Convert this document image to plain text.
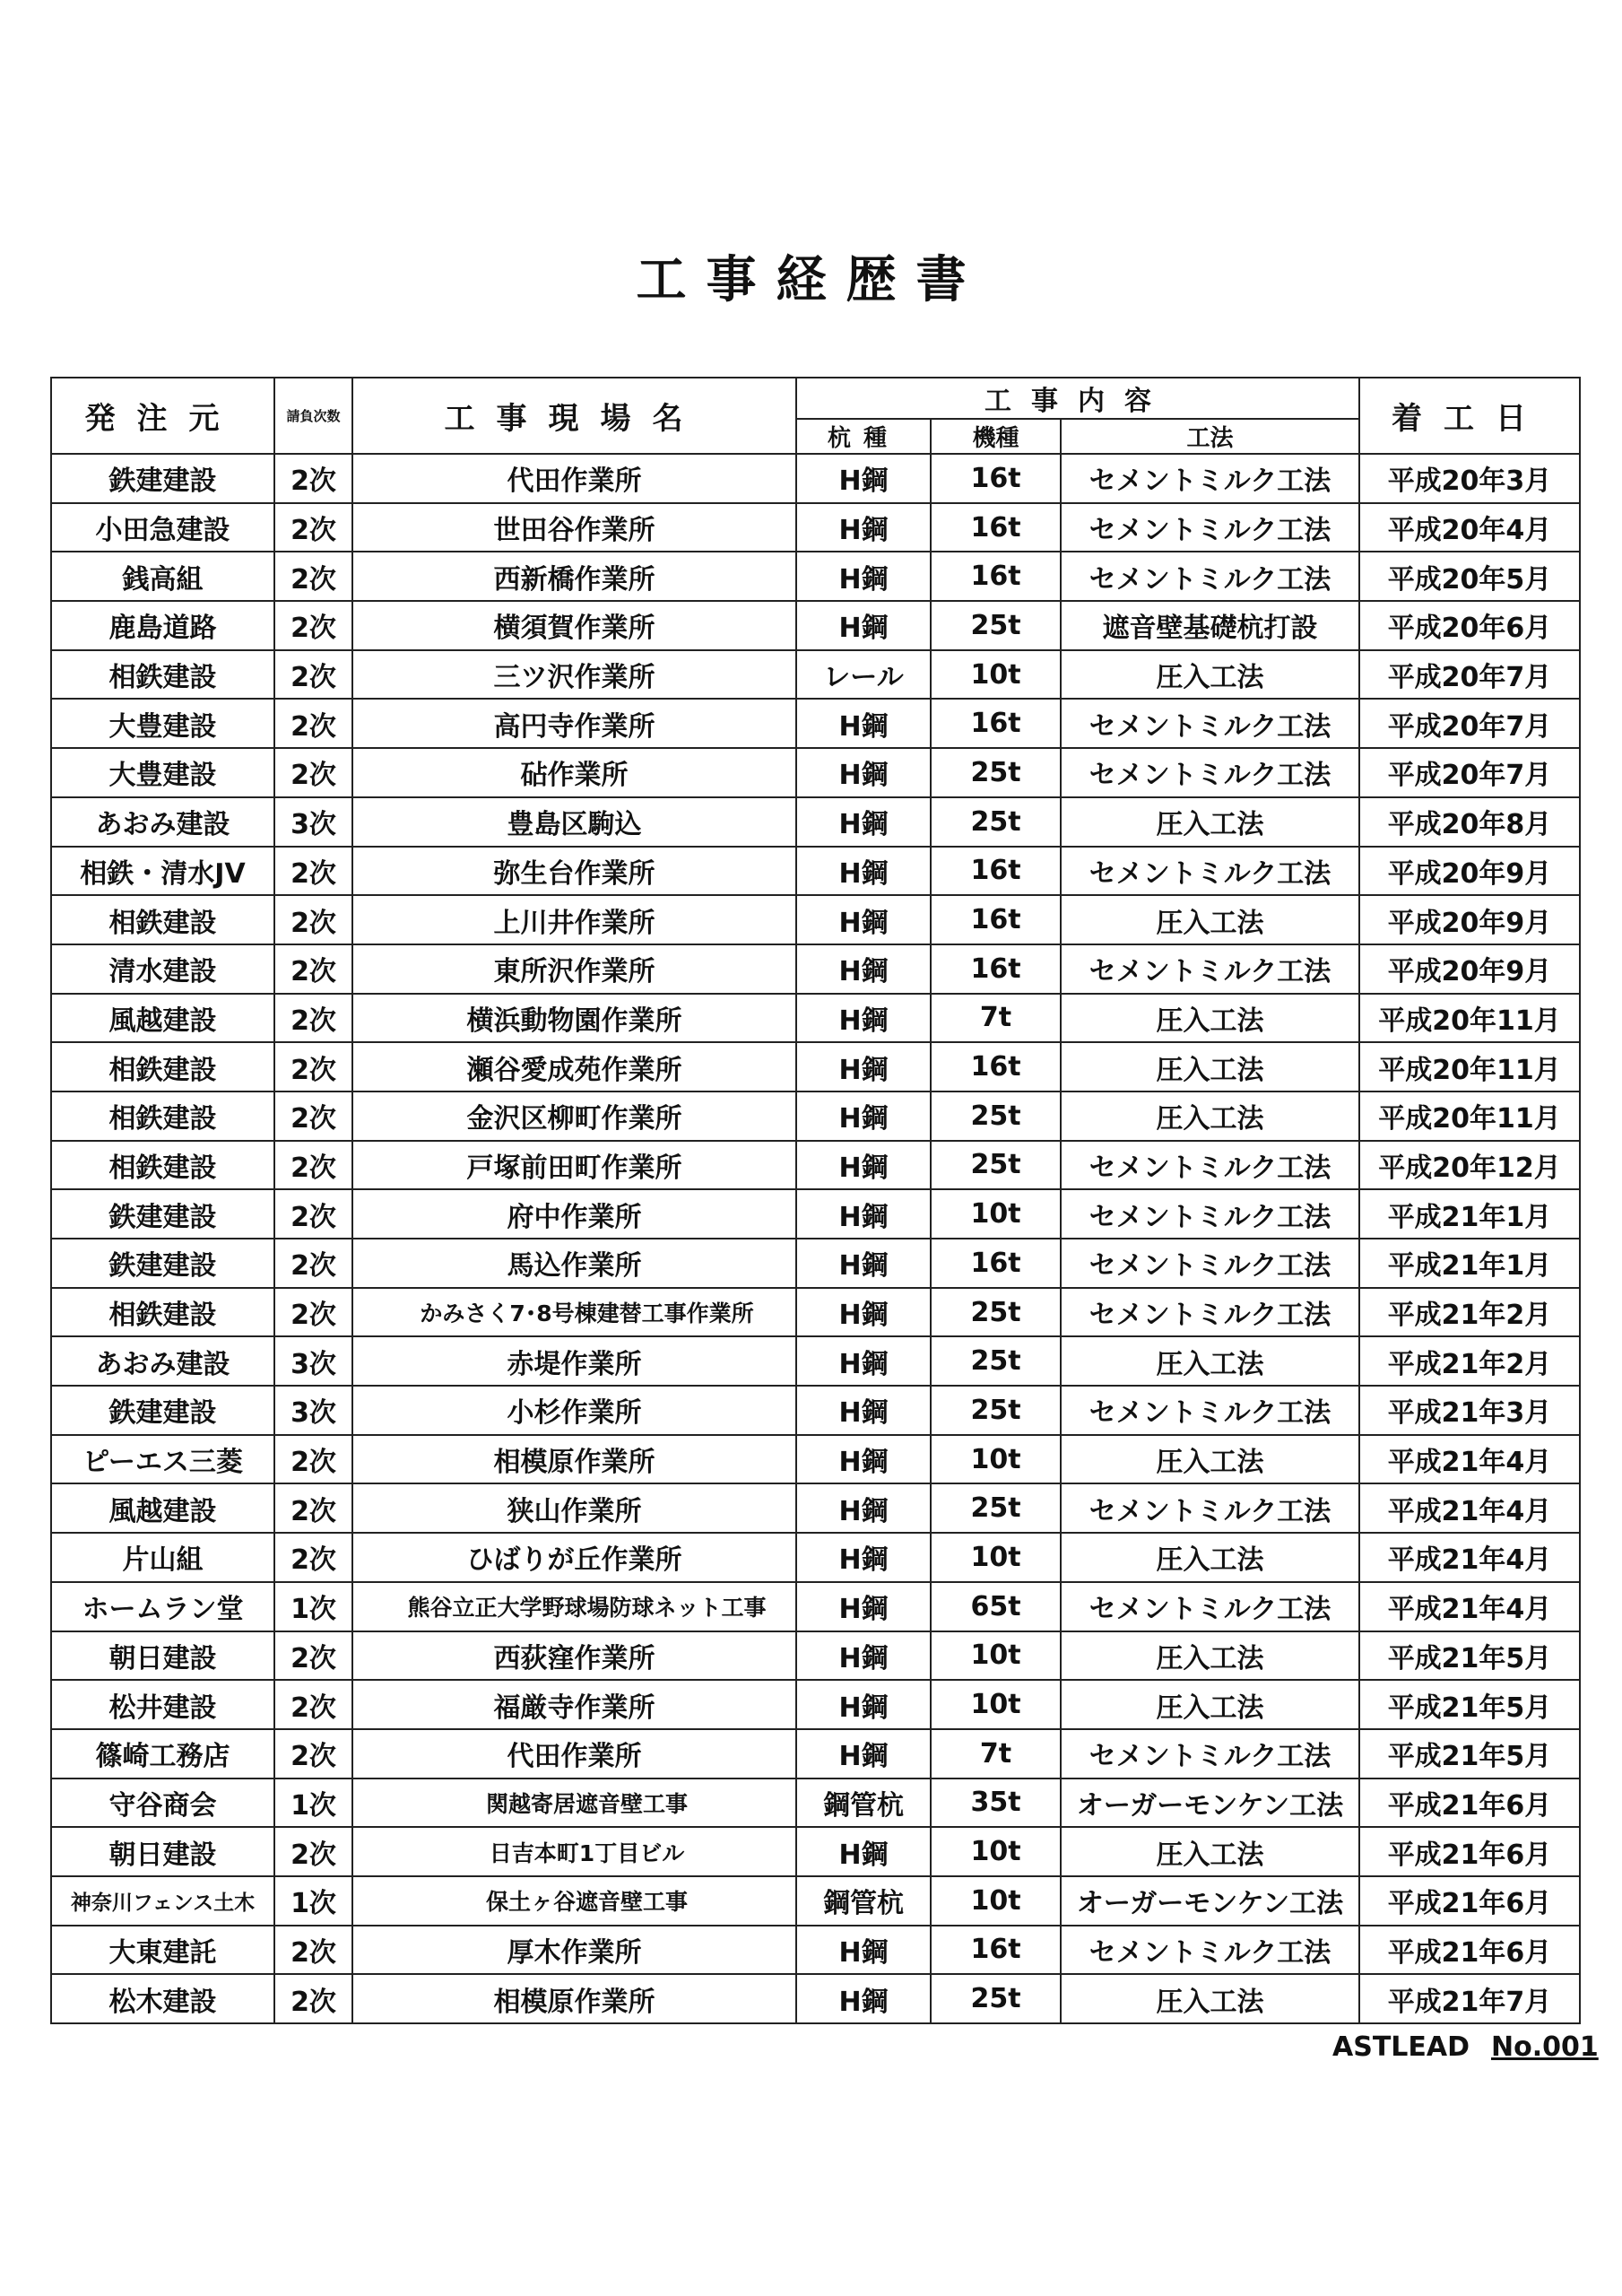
工事経歴書
発注元	請負次数	工事現場名	工事内容			着工日
			杭種	機種	工法	
鉄建建設	2次	代田作業所	H鋼	16t	セメントミルク工法	平成20年3月
小田急建設	2次	世田谷作業所	H鋼	16t	セメントミルク工法	平成20年4月
銭高組	2次	西新橋作業所	H鋼	16t	セメントミルク工法	平成20年5月
鹿島道路	2次	横須賀作業所	H鋼	25t	遮音壁基礎杭打設	平成20年6月
相鉄建設	2次	三ツ沢作業所	レール	10t	圧入工法	平成20年7月
大豊建設	2次	高円寺作業所	H鋼	16t	セメントミルク工法	平成20年7月
大豊建設	2次	砧作業所	H鋼	25t	セメントミルク工法	平成20年7月
あおみ建設	3次	豊島区駒込	H鋼	25t	圧入工法	平成20年8月
相鉄・清水JV	2次	弥生台作業所	H鋼	16t	セメントミルク工法	平成20年9月
相鉄建設	2次	上川井作業所	H鋼	16t	圧入工法	平成20年9月
清水建設	2次	東所沢作業所	H鋼	16t	セメントミルク工法	平成20年9月
風越建設	2次	横浜動物園作業所	H鋼	7t	圧入工法	平成20年11月
相鉄建設	2次	瀬谷愛成苑作業所	H鋼	16t	圧入工法	平成20年11月
相鉄建設	2次	金沢区柳町作業所	H鋼	25t	圧入工法	平成20年11月
相鉄建設	2次	戸塚前田町作業所	H鋼	25t	セメントミルク工法	平成20年12月
鉄建建設	2次	府中作業所	H鋼	10t	セメントミルク工法	平成21年1月
鉄建建設	2次	馬込作業所	H鋼	16t	セメントミルク工法	平成21年1月
相鉄建設	2次	かみさく7･8号棟建替工事作業所	H鋼	25t	セメントミルク工法	平成21年2月
あおみ建設	3次	赤堤作業所	H鋼	25t	圧入工法	平成21年2月
鉄建建設	3次	小杉作業所	H鋼	25t	セメントミルク工法	平成21年3月
ピーエス三菱	2次	相模原作業所	H鋼	10t	圧入工法	平成21年4月
風越建設	2次	狭山作業所	H鋼	25t	セメントミルク工法	平成21年4月
片山組	2次	ひばりが丘作業所	H鋼	10t	圧入工法	平成21年4月
ホームラン堂	1次	熊谷立正大学野球場防球ネット工事	H鋼	65t	セメントミルク工法	平成21年4月
朝日建設	2次	西荻窪作業所	H鋼	10t	圧入工法	平成21年5月
松井建設	2次	福厳寺作業所	H鋼	10t	圧入工法	平成21年5月
篠崎工務店	2次	代田作業所	H鋼	7t	セメントミルク工法	平成21年5月
守谷商会	1次	関越寄居遮音壁工事	鋼管杭	35t	オーガーモンケン工法	平成21年6月
朝日建設	2次	日吉本町1丁目ビル	H鋼	10t	圧入工法	平成21年6月
神奈川フェンス土木	1次	保土ヶ谷遮音壁工事	鋼管杭	10t	オーガーモンケン工法	平成21年6月
大東建託	2次	厚木作業所	H鋼	16t	セメントミルク工法	平成21年6月
松木建設	2次	相模原作業所	H鋼	25t	圧入工法	平成21年7月
ASTLEAD No.001
